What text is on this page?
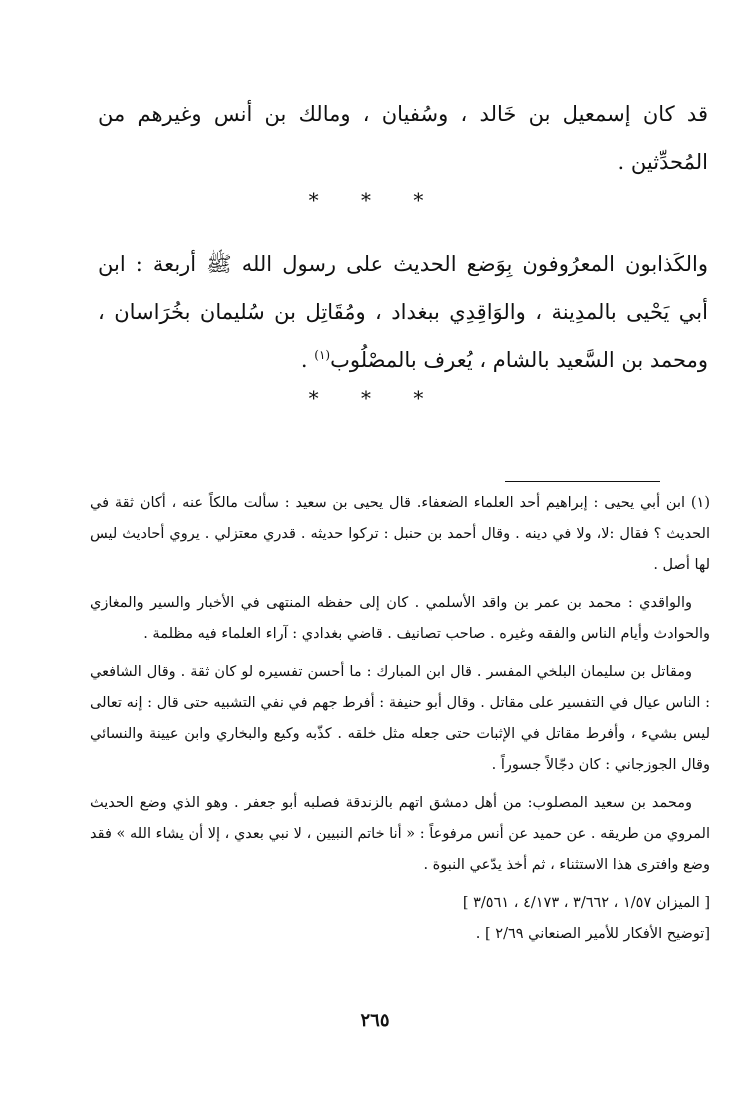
قد كان إسمعيل بن خَالد ، وسُفيان ، ومالك بن أنس وغيرهم من المُحدِّثين .

* * *

والكَذابون المعرُوفون بِوَضع الحديث على رسول الله ﷺ أربعة : ابن أبي يَحْيى بالمدِينة ، والوَاقِدِي ببغداد ، ومُقَاتِل بن سُليمان بخُرَاسان ، ومحمد بن السَّعيد بالشام ، يُعرف بالمصْلُوب$^{(١)}$ .

* * *

(١) ابن أبي يحيى : إبراهيم أحد العلماء الضعفاء. قال يحيى بن سعيد : سألت مالكاً عنه ، أكان ثقة في الحديث ؟ فقال :لا، ولا في دينه . وقال أحمد بن حنبل : تركوا حديثه . قدري معتزلي . يروي أحاديث ليس لها أصل .

والواقدي : محمد بن عمر بن واقد الأسلمي . كان إلى حفظه المنتهى في الأخبار والسير والمغازي والحوادث وأيام الناس والفقه وغيره . صاحب تصانيف . قاضي بغدادي : آراء العلماء فيه مظلمة .

ومقاتل بن سليمان البلخي المفسر . قال ابن المبارك : ما أحسن تفسيره لو كان ثقة . وقال الشافعي : الناس عيال في التفسير على مقاتل . وقال أبو حنيفة : أفرط جهم في نفي التشبيه حتى قال : إنه تعالى ليس بشيء ، وأفرط مقاتل في الإثبات حتى جعله مثل خلقه . كذّبه وكيع والبخاري وابن عيينة والنسائي وقال الجوزجاني : كان دجّالاً جسوراً .

ومحمد بن سعيد المصلوب: من أهل دمشق اتهم بالزندقة فصلبه أبو جعفر . وهو الذي وضع الحديث المروي من طريقه . عن حميد عن أنس مرفوعاً : « أنا خاتم النبيين ، لا نبي بعدي ، إلا أن يشاء الله » فقد وضع وافترى هذا الاستثناء ، ثم أخذ يدّعي النبوة .

[ الميزان ١/٥٧ ، ٣/٦٦٢ ، ٤/١٧٣ ، ٣/٥٦١ ]

[توضيح الأفكار للأمير الصنعاني ٢/٦٩ ] .

٢٦٥
